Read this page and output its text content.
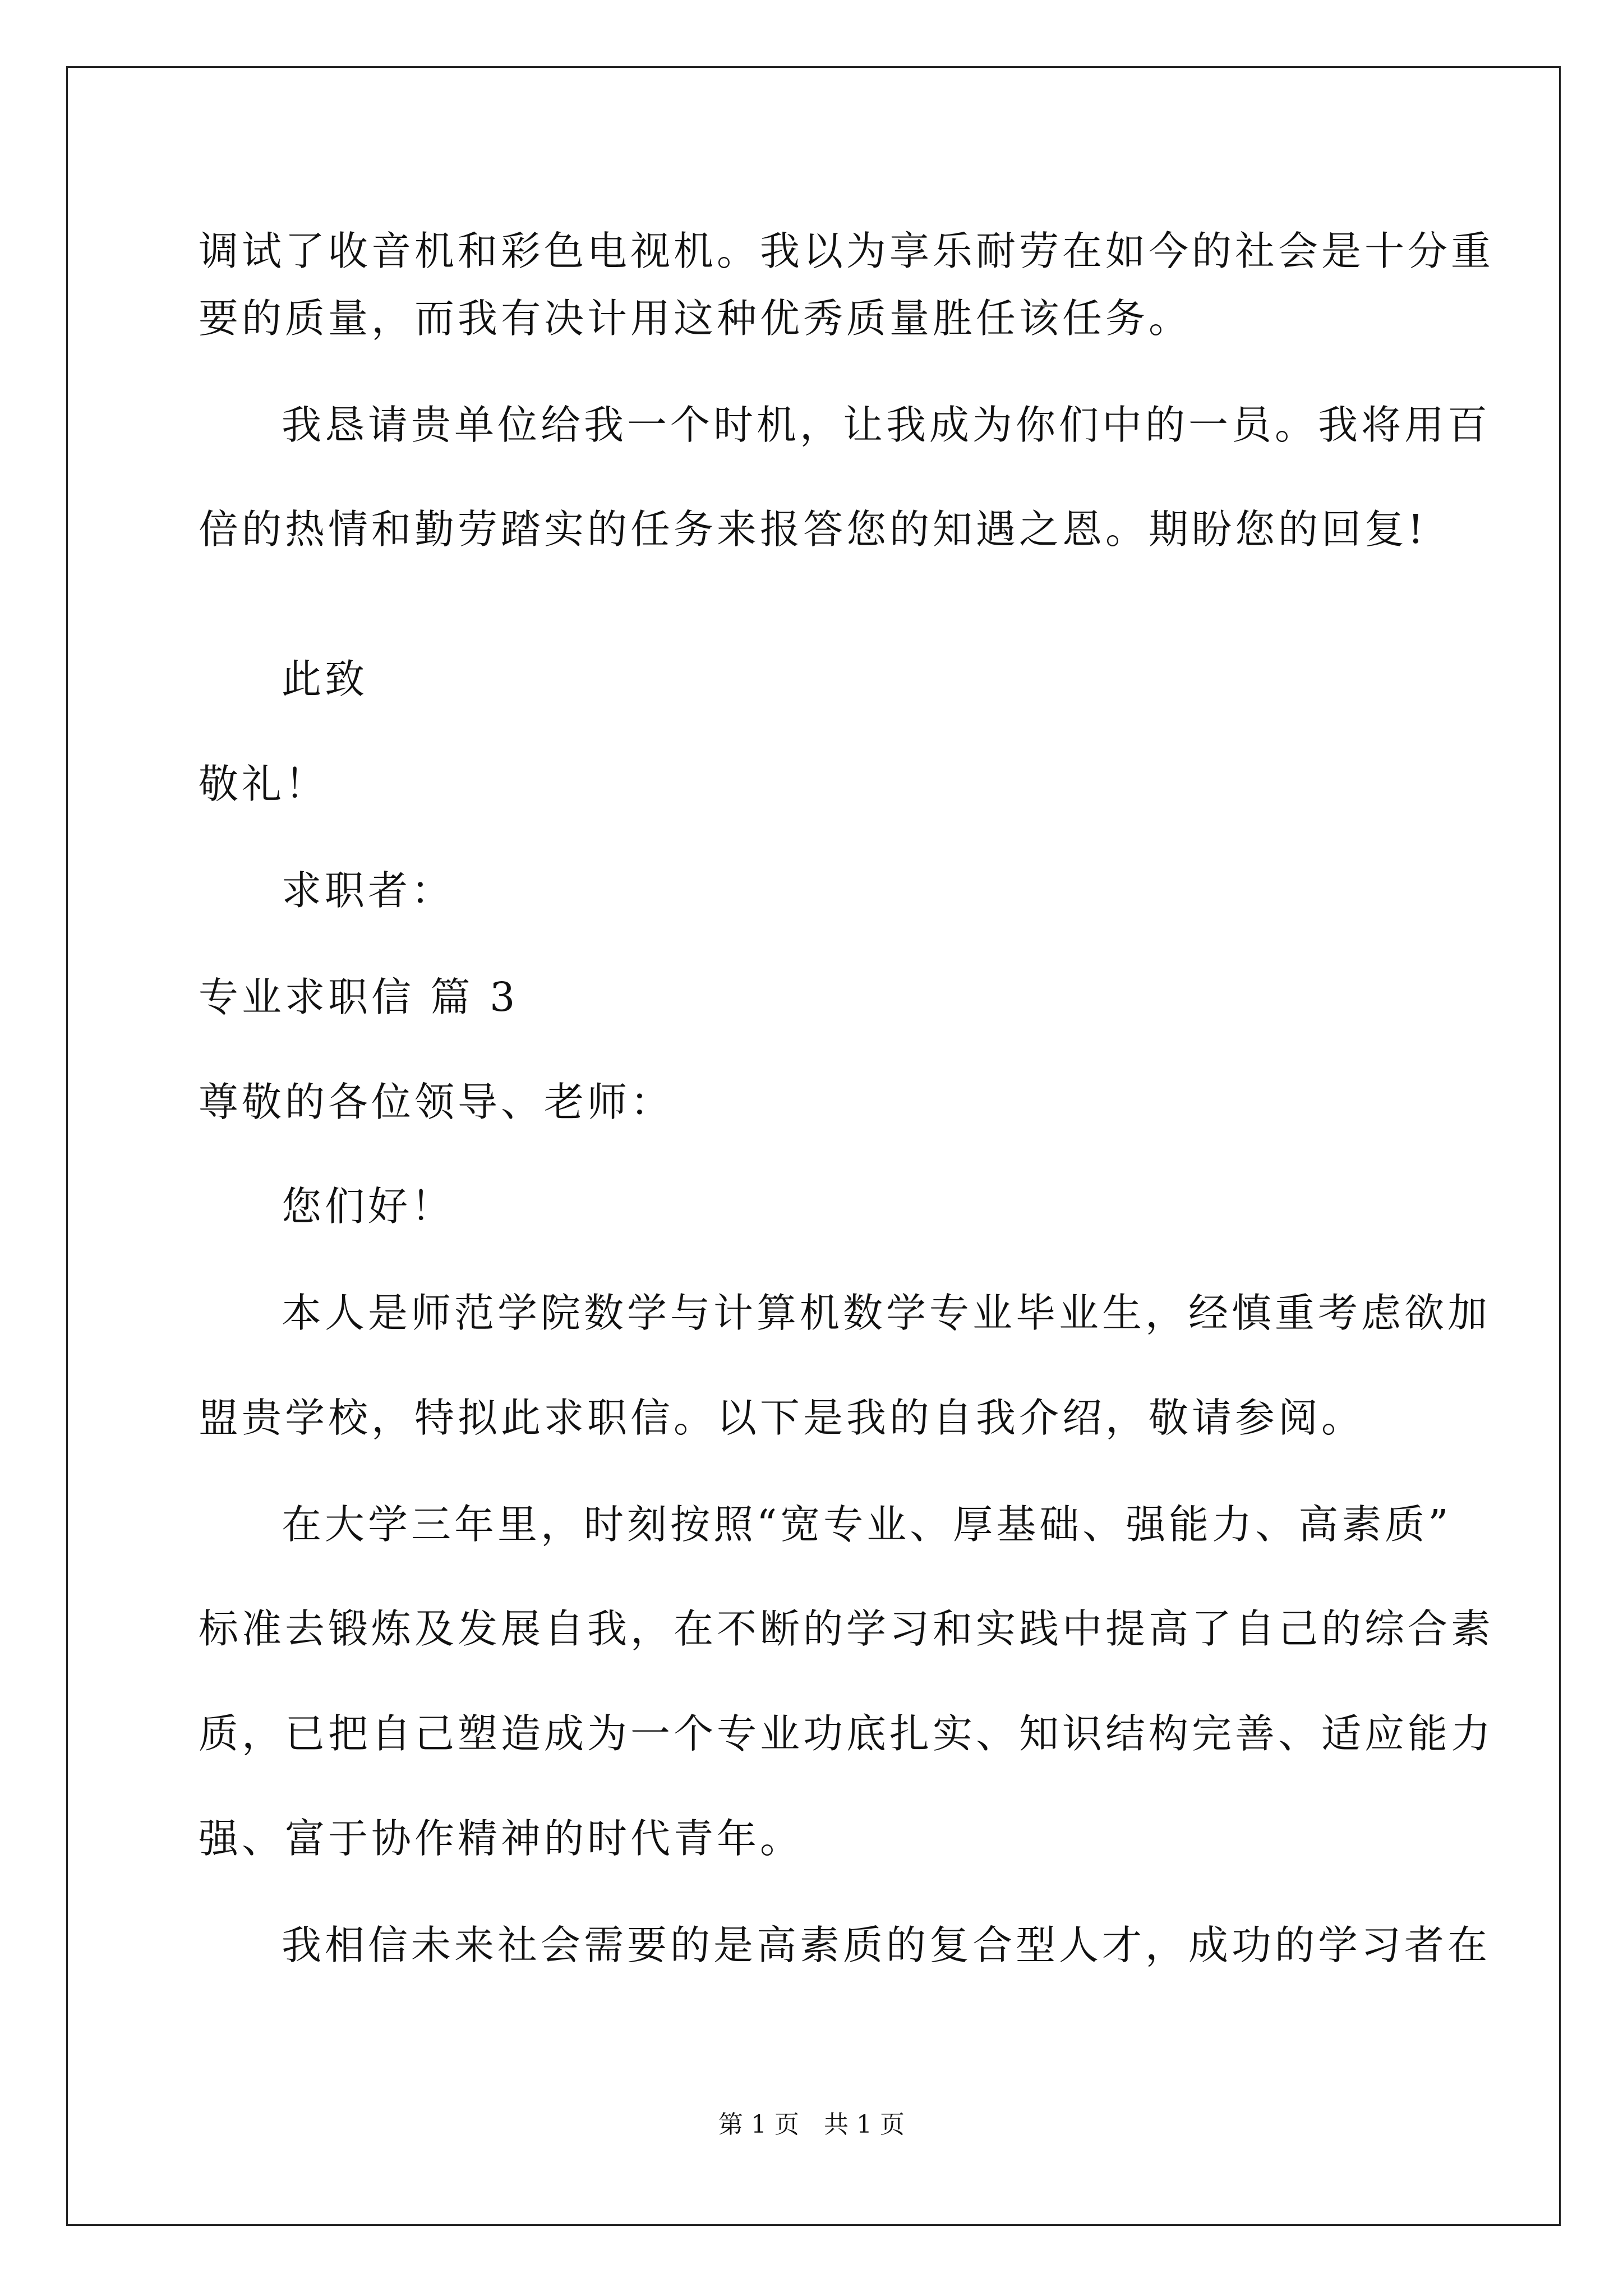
调试了收音机和彩色电视机。我以为享乐耐劳在如今的社会是十分重
要的质量，而我有决计用这种优秀质量胜任该任务。
我恳请贵单位给我一个时机，让我成为你们中的一员。我将用百
倍的热情和勤劳踏实的任务来报答您的知遇之恩。期盼您的回复!
此致
敬礼！
求职者：
专业求职信 篇 3
尊敬的各位领导、老师：
您们好！
本人是师范学院数学与计算机数学专业毕业生，经慎重考虑欲加
盟贵学校，特拟此求职信。以下是我的自我介绍，敬请参阅。
在大学三年里，时刻按照“宽专业、厚基础、强能力、高素质”
标准去锻炼及发展自我，在不断的学习和实践中提高了自己的综合素
质，已把自己塑造成为一个专业功底扎实、知识结构完善、适应能力
强、富于协作精神的时代青年。
我相信未来社会需要的是高素质的复合型人才，成功的学习者在
第 1 页　共 1 页
